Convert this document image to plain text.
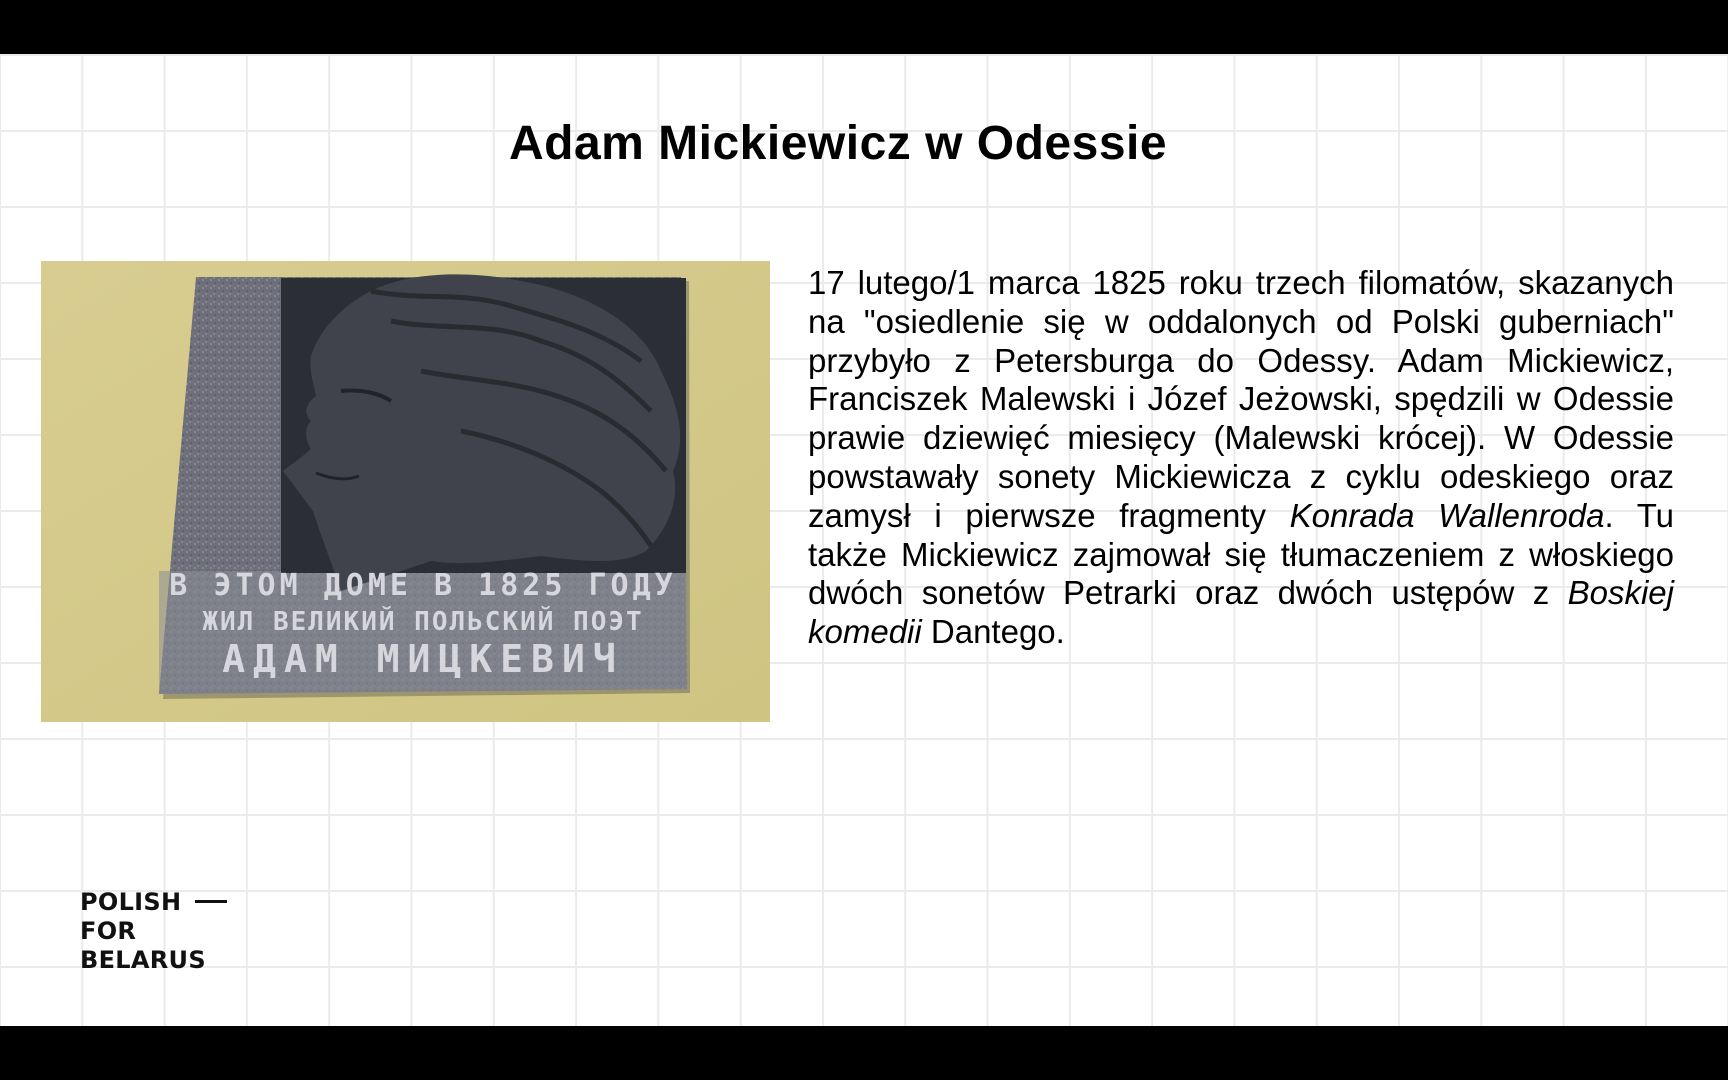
Adam Mickiewicz w Odessie
В ЭТОМ ДОМЕ В 1825 ГОДУ
ЖИЛ ВЕЛИКИЙ ПОЛЬСКИЙ ПОЭТ
АДАМ МИЦКЕВИЧ

17 lutego/1 marca 1825 roku trzech filomatów, skazanych na "osiedlenie się w oddalonych od Polski guberniach" przybyło z Petersburga do Odessy. Adam Mickiewicz, Franciszek Malewski i Józef Jeżowski, spędzili w Odessie prawie dziewięć miesięcy (Malewski krócej). W Odessie powstawały sonety Mickiewicza z cyklu odeskiego oraz zamysł i pierwsze fragmenty Konrada Wallenroda. Tu także Mickiewicz zajmował się tłumaczeniem z włoskiego dwóch sonetów Petrarki oraz dwóch ustępów z Boskiej komedii Dantego.

POLISH
FOR
BELARUS
